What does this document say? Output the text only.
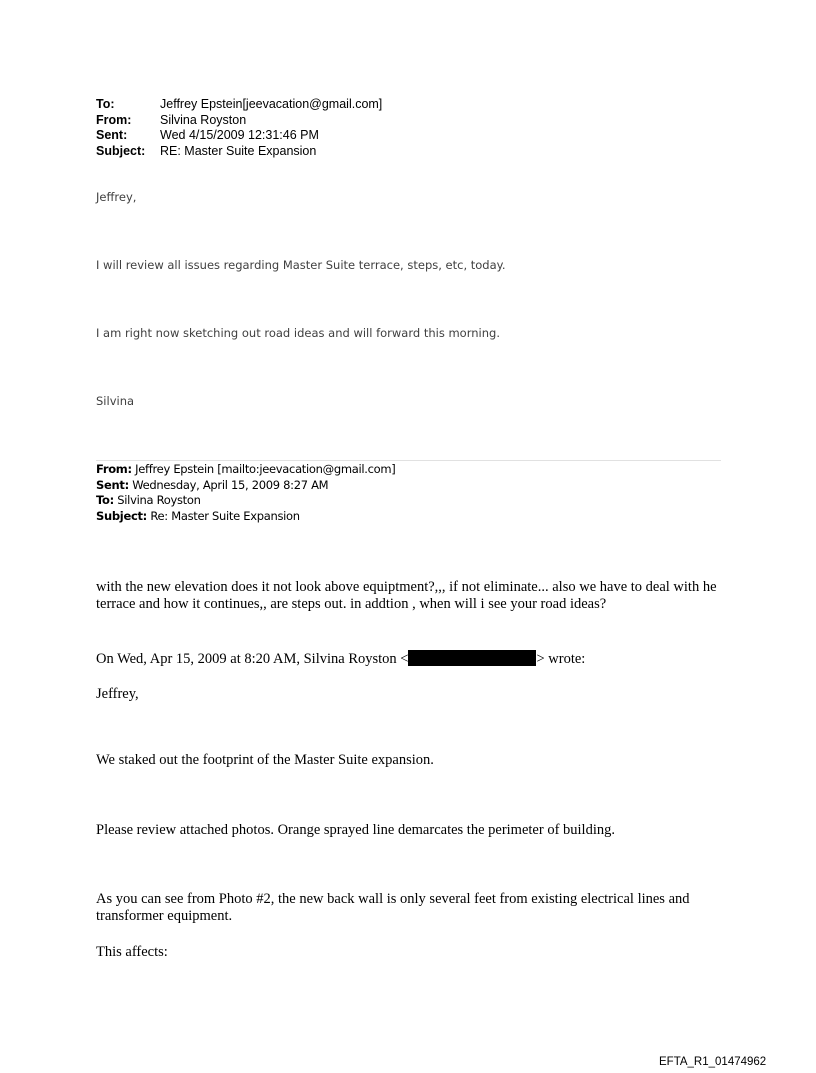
To:	Jeffrey Epstein[jeevacation@gmail.com]
From:	Silvina Royston
Sent:	Wed 4/15/2009 12:31:46 PM
Subject:	RE: Master Suite Expansion
Jeffrey,
I will review all issues regarding Master Suite terrace, steps, etc, today.
I am right now sketching out road ideas and will forward this morning.
Silvina
From: Jeffrey Epstein [mailto:jeevacation@gmail.com]
Sent: Wednesday, April 15, 2009 8:27 AM
To: Silvina Royston
Subject: Re: Master Suite Expansion
with the new elevation does it not look above equiptment?,,, if not eliminate... also we have to deal with he terrace and how it continues,, are steps out. in addtion , when will i see your road ideas?
On Wed, Apr 15, 2009 at 8:20 AM, Silvina Royston <	> wrote:
Jeffrey,
We staked out the footprint of the Master Suite expansion.
Please review attached photos. Orange sprayed line demarcates the perimeter of building.
As you can see from Photo #2, the new back wall is only several feet from existing electrical lines and transformer equipment.
This affects:
EFTA_R1_01474962
